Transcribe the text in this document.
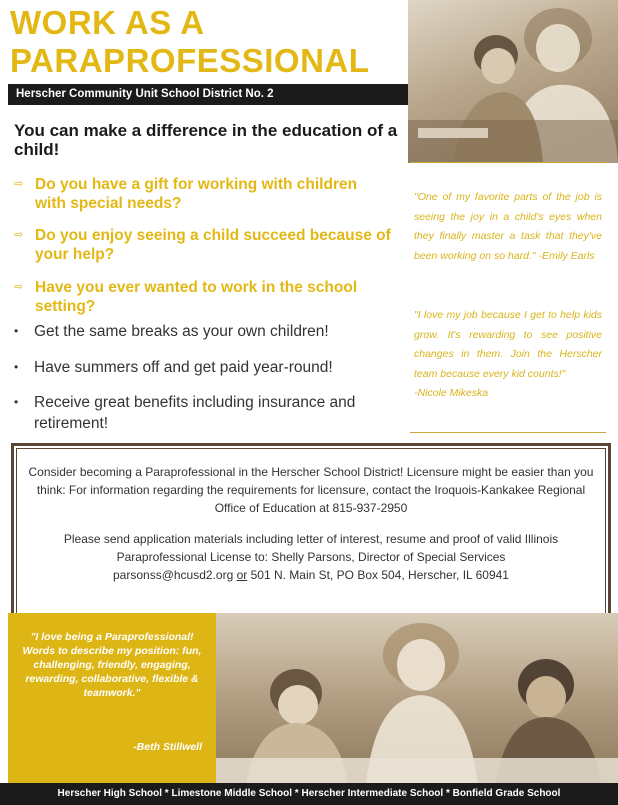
WORK AS A
PARAPROFESSIONAL
Herscher Community Unit School District No. 2
You can make a difference in the education of a child!
⇨ Do you have a gift for working with children with special needs?
⇨ Do you enjoy seeing a child succeed because of your help?
⇨ Have you ever wanted to work in the school setting?
•	Get the same breaks as your own children!
•	Have summers off and get paid year-round!
•	Receive great benefits including insurance and retirement!
"One of my favorite parts of the job is seeing the joy in a child's eyes when they finally master a task that they've been working on so hard." -Emily Earls
"I love my job because I get to help kids grow. It's rewarding to see positive changes in them. Join the Herscher team because every kid counts!"
-Nicole Mikeska
Consider becoming a Paraprofessional in the Herscher School District! Licensure might be easier than you think: For information regarding the requirements for licensure, contact the Iroquois-Kankakee Regional Office of Education at 815-937-2950
Please send application materials including letter of interest, resume and proof of valid Illinois Paraprofessional License to: Shelly Parsons, Director of Special Services
parsonss@hcusd2.org or 501 N. Main St, PO Box 504, Herscher, IL 60941
"I love being a Paraprofessional! Words to describe my position: fun, challenging, friendly, engaging, rewarding, collaborative, flexible & teamwork."
-Beth Stillwell
Herscher High School * Limestone Middle School * Herscher Intermediate School * Bonfield Grade School
